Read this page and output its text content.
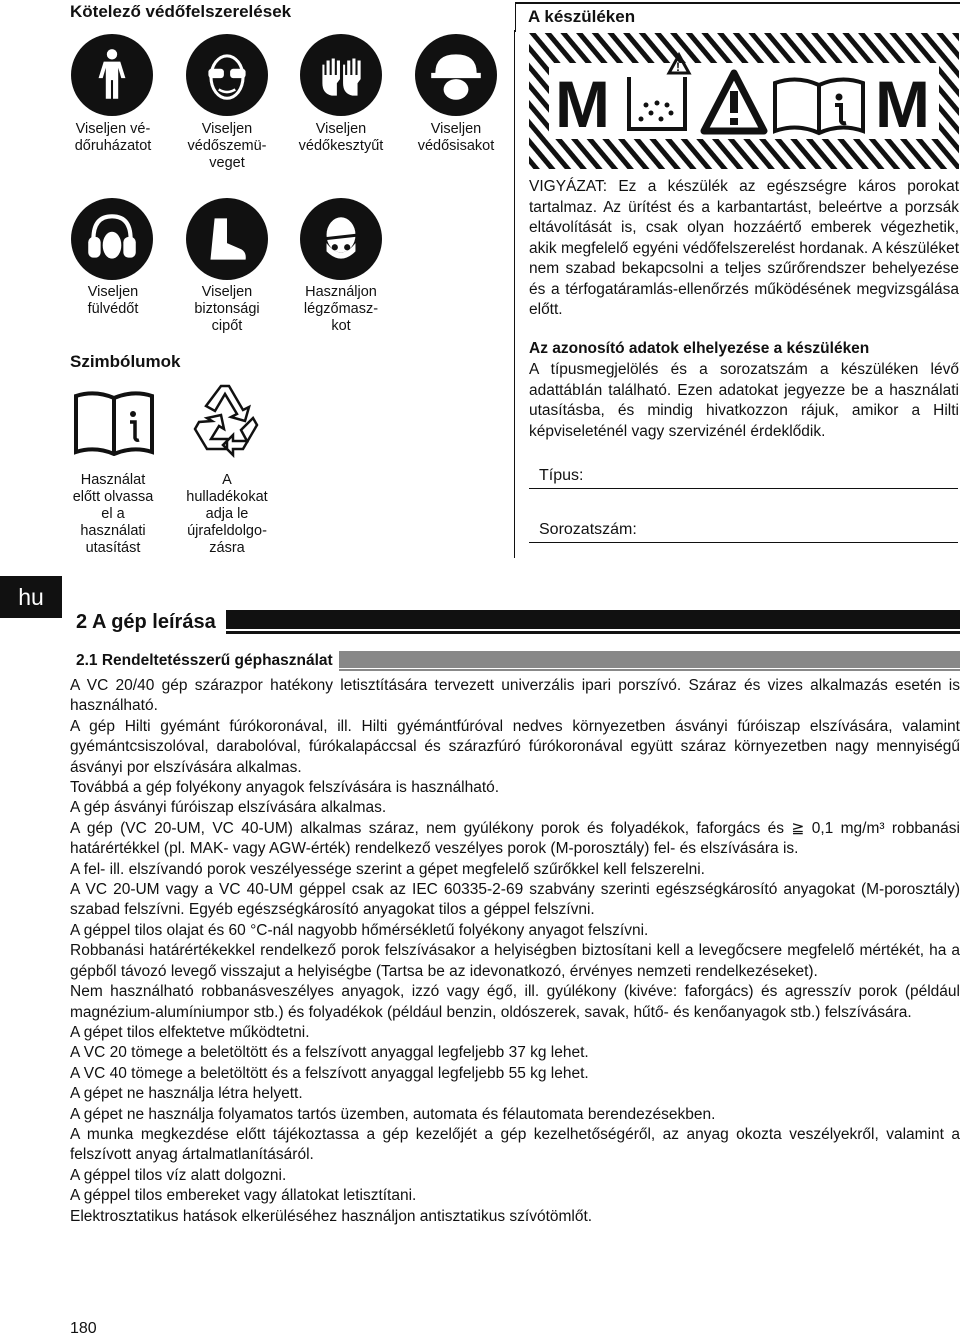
Kötelező védőfelszerelések	A készüléken
Viseljen vé-
dőruházatot
Viseljen
védőszemü-
veget
Viseljen
védőkesztyűt
Viseljen
védősisakot
Viseljen
fülvédőt
Viseljen
biztonsági
cipőt
Használjon
légzőmasz-
kot
Szimbólumok
Használat
előtt olvassa
el a
használati
utasítást
A
hulladékokat
adja le
újrafeldolgo-
zásra
M	M
!
VIGYÁZAT: Ez a készülék az egészségre káros porokat tartalmaz. Az ürítést és a karbantartást, beleértve a porzsák eltávolítását is, csak olyan hozzáértő emberek végezhetik, akik megfelelő egyéni védőfelszerelést hordanak. A készüléket nem szabad bekapcsolni a teljes szűrőrendszer behelyezése és a térfogatáramlás-ellenőrzés működésének megvizsgálása előtt.
Az azonosító adatok elhelyezése a készüléken
A típusmegjelölés és a sorozatszám a készüléken lévő adattábIán található. Ezen adatokat jegyezze be a használati utasításba, és mindig hivatkozzon rájuk, amikor a Hilti képviseleténél vagy szervizénél érdeklődik.
Típus:
Sorozatszám:
hu
2 A gép leírása
2.1 Rendeltetésszerű géphasználat

A VC 20/40 gép szárazpor hatékony letisztítására tervezett univerzális ipari porszívó. Száraz és vizes alkalmazás esetén is használható.

A gép Hilti gyémánt fúrókoronával, ill. Hilti gyémántfúróval nedves környezetben ásványi fúróiszap elszívására, valamint gyémántcsiszolóval, darabolóval, fúrókalapáccsal és szárazfúró fúrókoronával együtt száraz környezetben nagy mennyiségű ásványi por elszívására alkalmas.

Továbbá a gép folyékony anyagok felszívására is használható.

A gép ásványi fúróiszap elszívására alkalmas.

A gép (VC 20-UM, VC 40-UM) alkalmas száraz, nem gyúlékony porok és folyadékok, faforgács és ≧ 0,1 mg/m³ robbanási határértékkel (pl. MAK- vagy AGW-érték) rendelkező veszélyes porok (M-porosztály) fel- és elszívására is.

A fel- ill. elszívandó porok veszélyessége szerint a gépet megfelelő szűrőkkel kell felszerelni.

A VC 20-UM vagy a VC 40-UM géppel csak az IEC 60335-2-69 szabvány szerinti egészségkárosító anyagokat (M-porosztály) szabad felszívni. Egyéb egészségkárosító anyagokat tilos a géppel felszívni.

A géppel tilos olajat és 60 °C-nál nagyobb hőmérsékletű folyékony anyagot felszívni.

Robbanási határértékekkel rendelkező porok felszívásakor a helyiségben biztosítani kell a levegőcsere megfelelő mértékét, ha a gépből távozó levegő visszajut a helyiségbe (Tartsa be az idevonatkozó, érvényes nemzeti rendelkezéseket).

Nem használható robbanásveszélyes anyagok, izzó vagy égő, ill. gyúlékony (kivéve: faforgács) és agresszív porok (például magnézium-alumíniumpor stb.) és folyadékok (például benzin, oldószerek, savak, hűtő- és kenőanyagok stb.) felszívására.

A gépet tilos elfektetve működtetni.

A VC 20 tömege a beletöltött és a felszívott anyaggal legfeljebb 37 kg lehet.

A VC 40 tömege a beletöltött és a felszívott anyaggal legfeljebb 55 kg lehet.

A gépet ne használja létra helyett.

A gépet ne használja folyamatos tartós üzemben, automata és félautomata berendezésekben.

A munka megkezdése előtt tájékoztassa a gép kezelőjét a gép kezelhetőségéről, az anyag okozta veszélyekről, valamint a felszívott anyag ártalmatlanításáról.

A géppel tilos víz alatt dolgozni.

A géppel tilos embereket vagy állatokat letisztítani.

Elektrosztatikus hatások elkerüléséhez használjon antisztatikus szívótömlőt.

180
